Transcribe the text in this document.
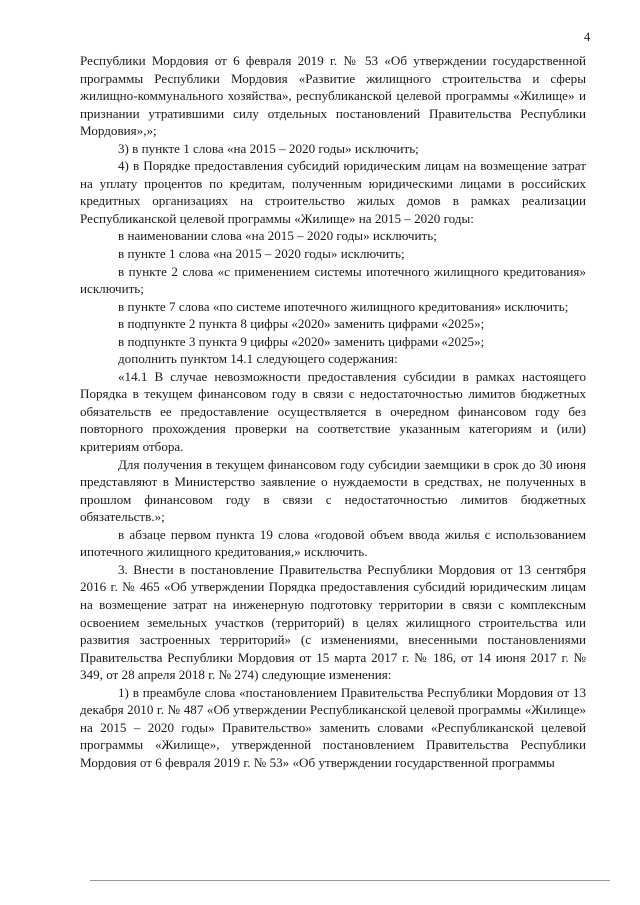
4

Республики Мордовия от 6 февраля 2019 г. № 53 «Об утверждении государственной программы Республики Мордовия «Развитие жилищного строительства и сферы жилищно-коммунального хозяйства», республиканской целевой программы «Жилище» и признании утратившими силу отдельных постановлений Правительства Республики Мордовия»,»;

3) в пункте 1 слова «на 2015 – 2020 годы» исключить;

4) в Порядке предоставления субсидий юридическим лицам на возмещение затрат на уплату процентов по кредитам, полученным юридическими лицами в российских кредитных организациях на строительство жилых домов в рамках реализации Республиканской целевой программы «Жилище» на 2015 – 2020 годы:

в наименовании слова «на 2015 – 2020 годы» исключить;

в пункте 1 слова «на 2015 – 2020 годы» исключить;

в пункте 2 слова «с применением системы ипотечного жилищного кредитования» исключить;

в пункте 7 слова «по системе ипотечного жилищного кредитования» исключить;

в подпункте 2 пункта 8 цифры «2020» заменить цифрами «2025»;

в подпункте 3 пункта 9 цифры «2020» заменить цифрами «2025»;

дополнить пунктом 14.1 следующего содержания:

«14.1 В случае невозможности предоставления субсидии в рамках настоящего Порядка в текущем финансовом году в связи с недостаточностью лимитов бюджетных обязательств ее предоставление осуществляется в очередном финансовом году без повторного прохождения проверки на соответствие указанным категориям и (или) критериям отбора.

Для получения в текущем финансовом году субсидии заемщики в срок до 30 июня представляют в Министерство заявление о нуждаемости в средствах, не полученных в прошлом финансовом году в связи с недостаточностью лимитов бюджетных обязательств.»;

в абзаце первом пункта 19 слова «годовой объем ввода жилья с использованием ипотечного жилищного кредитования,» исключить.

3. Внести в постановление Правительства Республики Мордовия от 13 сентября 2016 г. № 465 «Об утверждении Порядка предоставления субсидий юридическим лицам на возмещение затрат на инженерную подготовку территории в связи с комплексным освоением земельных участков (территорий) в целях жилищного строительства или развития застроенных территорий» (с изменениями, внесенными постановлениями Правительства Республики Мордовия от 15 марта 2017 г. № 186, от 14 июня 2017 г. № 349, от 28 апреля 2018 г. № 274) следующие изменения:

1) в преамбуле слова «постановлением Правительства Республики Мордовия от 13 декабря 2010 г. № 487 «Об утверждении Республиканской целевой программы «Жилище» на 2015 – 2020 годы» Правительство» заменить словами «Республиканской целевой программы «Жилище», утвержденной постановлением Правительства Республики Мордовия от 6 февраля 2019 г. № 53» «Об утверждении государственной программы
